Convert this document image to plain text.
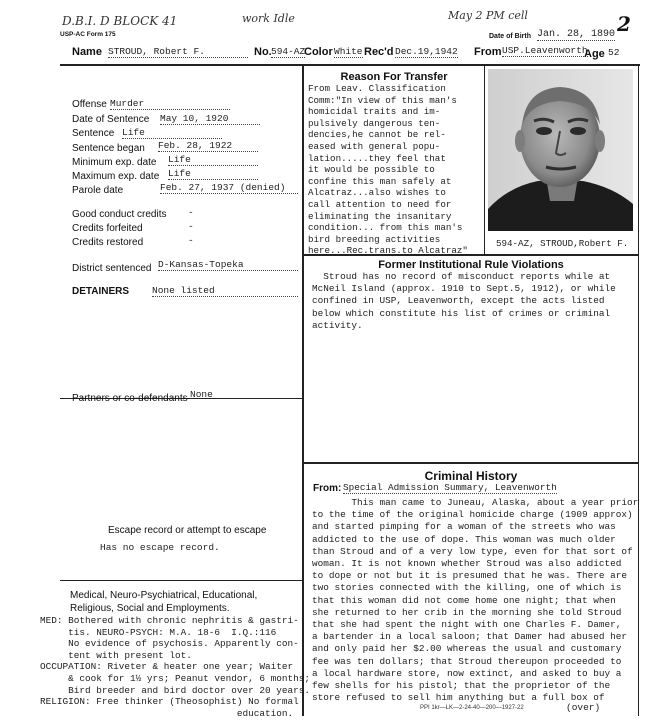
D.B.I. D BLOCK 41	work Idle	May 2 PM cell	2
USP-AC Form 175
Name STROUD, Robert F.	No. 594-AZ
Color White Rec'd Dec.19,1942 From USP.Leavenworth
Date of Birth Jan. 28, 1890
Age 52
Offense Murder
Date of Sentence May 10, 1920
Sentence Life
Sentence began Feb. 28, 1922
Minimum exp. date Life
Maximum exp. date Life
Parole date	Feb. 27, 1937 (denied)
Good conduct credits -
Credits forfeited	-
Credits restored	-
District sentenced D-Kansas-Topeka
DETAINERS None listed
Partners or co-defendants None
Escape record or attempt to escape
Has no escape record.
Medical, Neuro-Psychiatrical, Educational,
Religious, Social and Employments.
MED: Bothered with chronic nephritis & gastri-
tis. NEURO-PSYCH: M.A. 18-6  I.Q.:116
No evidence of psychosis. Apparently con-
tent with present lot.
OCCUPATION: Riveter & heater one year; Waiter
& cook for 1½ yrs; Peanut vendor, 6 months;
Bird breeder and bird doctor over 20 years.
RELIGION: Free thinker (Theosophist) No formal
education.
Reason For Transfer
From Leav. Classification
Comm:"In view of this man's
homicidal traits and im-
pulsively dangerous ten-
dencies,he cannot be rel-
eased with general popu-
lation.....they feel that
it would be possible to
confine this man safely at
Alcatraz...also wishes to
call attention to need for
eliminating the insanitary
condition... from this man's
bird breeding activities
here...Rec.trans.to Alcatraz"
594-AZ, STROUD,Robert F.
Former Institutional Rule Violations
Stroud has no record of misconduct reports while at
McNeil Island (approx. 1910 to Sept.5, 1912), or while
confined in USP, Leavenworth, except the acts listed
below which constitute his list of crimes or criminal
activity.
Criminal History
From: Special Admission Summary, Leavenworth
This man came to Juneau, Alaska, about a year prior
to the time of the original homicide charge (1909 approx)
and started pimping for a woman of the streets who was
addicted to the use of dope. This woman was much older
than Stroud and of a very low type, even for that sort of
woman. It is not known whether Stroud was also addicted
to dope or not but it is presumed that he was. There are
two stories connected with the killing, one of which is
that this woman did not come home one night; that when
she returned to her crib in the morning she told Stroud
that she had spent the night with one Charles F. Damer,
a bartender in a local saloon; that Damer had abused her
and only paid her $2.00 whereas the usual and customary
fee was ten dollars; that Stroud thereupon proceeded to
a local hardware store, now extinct, and asked to buy a
few shells for his pistol; that the proprietor of the
store refused to sell him anything but a full box of
PPI 1kr—LK—2-24-40—200—1927-22	(over)
